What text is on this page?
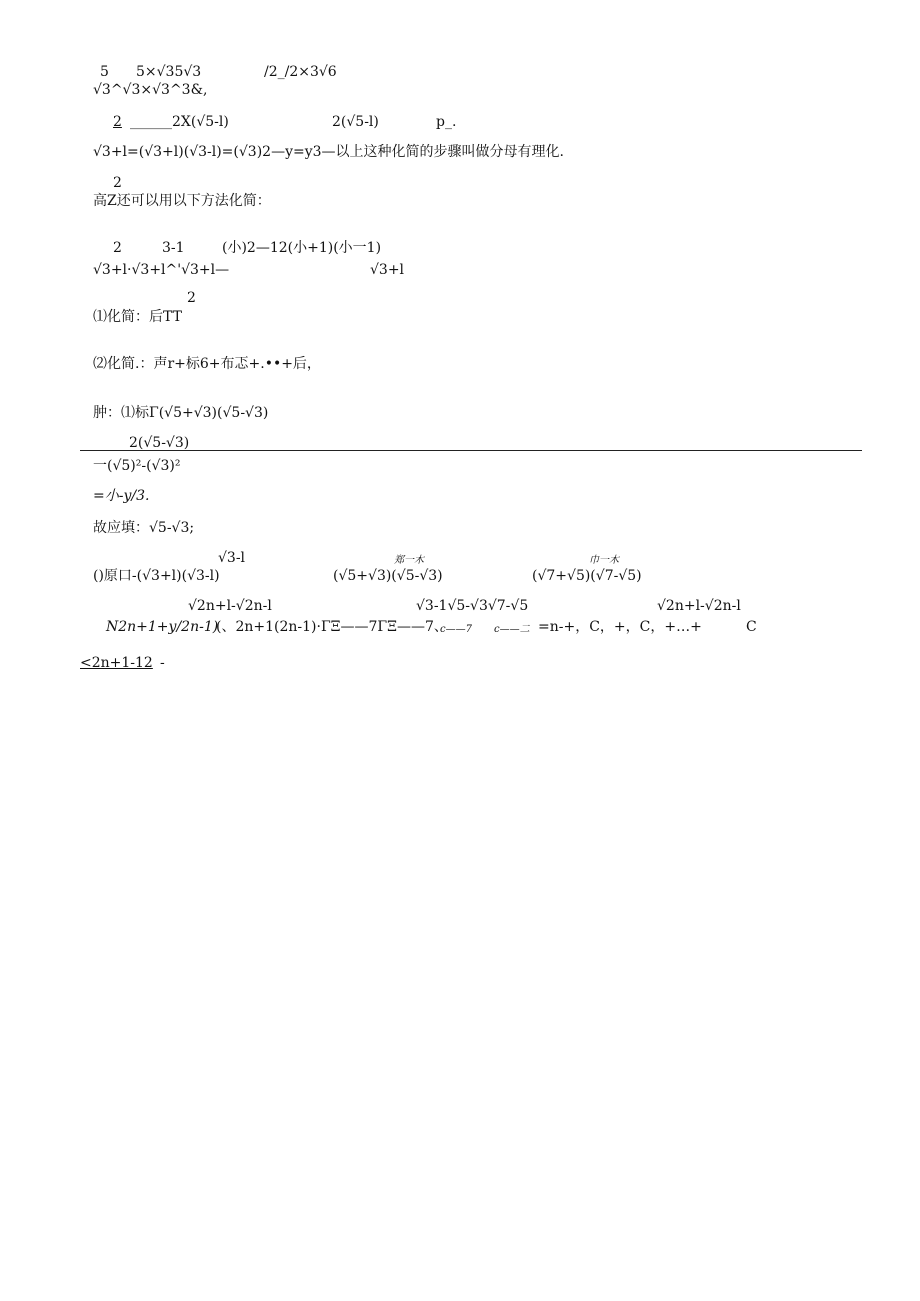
5 5×√35√3	/2_/2×3√6
√3^√3×√3^3&,
2 ______2X(√5-l)	2(√5-l)	p_.
√3+l=(√3+l)(√3-l)=(√3)2—y=y3—以上这种化简的步骤叫做分母有理化.
2
高Z还可以用以下方法化简：
2	3-1	(小)2—12(小+1)(小一1)
√3+l·√3+l^'√3+l—	√3+l
2
⑴化简：后TT
⑵化简.：声r+标6+布忑+.••+后，
肿：⑴标Γ(√5+√3)(√5-√3)
2(√5-√3)
一(√5)²-(√3)²
=小-y/3.
故应填：√5-√3;
√3-l	郑一木	巾一木
()原口-(√3+l)(√3-l)	(√5+√3)(√5-√3)	(√7+√5)(√7-√5)
√2n+l-√2n-l	√3-1√5-√3√7-√5	√2n+l-√2n-l
N2n+1+y/2n-1)
(、2n+1(2n-1)·ΓΞ——7ΓΞ——7、
c——7 c——二 =n-+，C，+，C，+…+	C
<2n+1-12 -
